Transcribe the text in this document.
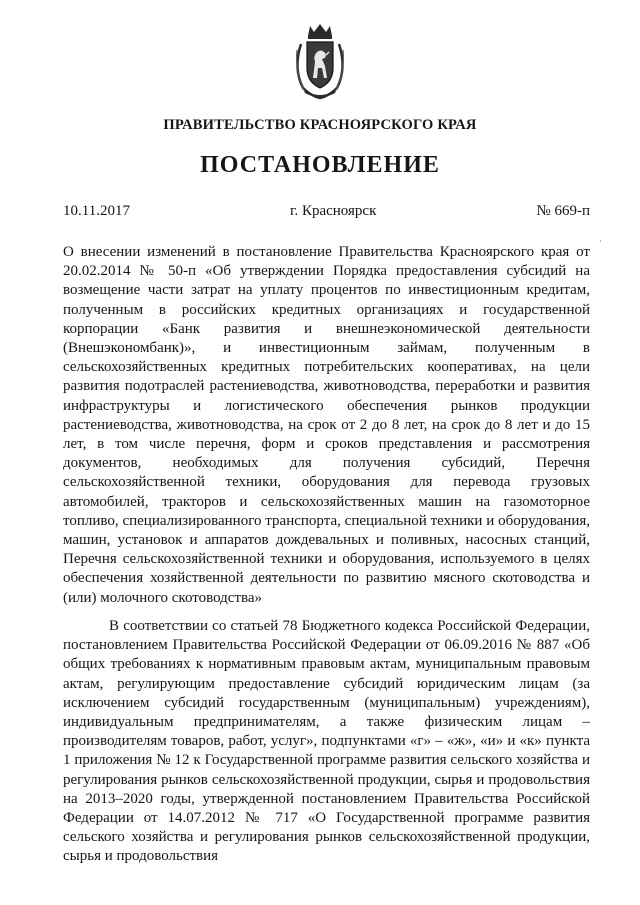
ПРАВИТЕЛЬСТВО КРАСНОЯРСКОГО КРАЯ
ПОСТАНОВЛЕНИЕ
10.11.2017	г. Красноярск	№ 669-п

О внесении изменений в постановление Правительства Красноярского края от 20.02.2014 № 50-п «Об утверждении Порядка предоставления субсидий на возмещение части затрат на уплату процентов по инвестиционным кредитам, полученным в российских кредитных организациях и государственной корпорации «Банк развития и внешнеэкономической деятельности (Внешэкономбанк)», и инвестиционным займам, полученным в сельскохозяйственных кредитных потребительских кооперативах, на цели развития подотраслей растениеводства, животноводства, переработки и развития инфраструктуры и логистического обеспечения рынков продукции растениеводства, животноводства, на срок от 2 до 8 лет, на срок до 8 лет и до 15 лет, в том числе перечня, форм и сроков представления и рассмотрения документов, необходимых для получения субсидий, Перечня сельскохозяйственной техники, оборудования для перевода грузовых автомобилей, тракторов и сельскохозяйственных машин на газомоторное топливо, специализированного транспорта, специальной техники и оборудования, машин, установок и аппаратов дождевальных и поливных, насосных станций, Перечня сельскохозяйственной техники и оборудования, используемого в целях обеспечения хозяйственной деятельности по развитию мясного скотоводства и (или) молочного скотоводства»

В соответствии со статьей 78 Бюджетного кодекса Российской Федерации, постановлением Правительства Российской Федерации от 06.09.2016 № 887 «Об общих требованиях к нормативным правовым актам, муниципальным правовым актам, регулирующим предоставление субсидий юридическим лицам (за исключением субсидий государственным (муниципальным) учреждениям), индивидуальным предпринимателям, а также физическим лицам – производителям товаров, работ, услуг», подпунктами «г» – «ж», «и» и «к» пункта 1 приложения № 12 к Государственной программе развития сельского хозяйства и регулирования рынков сельскохозяйственной продукции, сырья и продовольствия на 2013–2020 годы, утвержденной постановлением Правительства Российской Федерации от 14.07.2012 № 717 «О Государственной программе развития сельского хозяйства и регулирования рынков сельскохозяйственной продукции, сырья и продовольствия
